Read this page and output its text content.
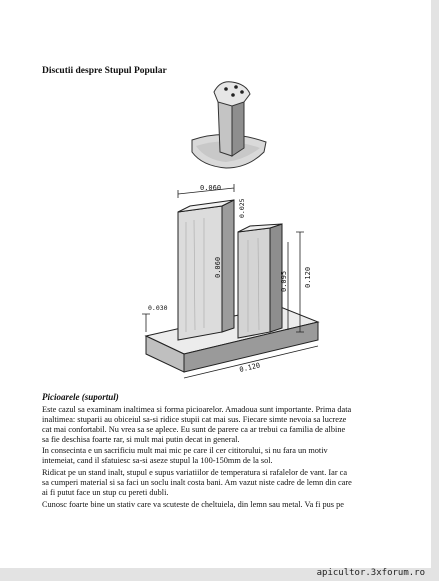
Discutii despre Stupul Popular
0.060
0.025
0.060
0.095 0.120
0.030
0.120
Picioarele (suportul)
Este cazul sa examinam inaltimea si forma picioarelor. Amadoua sunt importante. Prima data
inaltimea: stuparii au obiceiul sa-si ridice stupii cat mai sus. Fiecare simte nevoia sa lucreze
cat mai confortabil. Nu vrea sa se aplece. Eu sunt de parere ca ar trebui ca familia de albine
sa fie deschisa foarte rar, si mult mai putin decat in general.
In consecinta e un sacrificiu mult mai mic pe care il cer cititorului, si nu fara un motiv
intemeiat, cand il sfatuiesc sa-si aseze stupul la 100-150mm de la sol.
Ridicat pe un stand inalt, stupul e supus variatiilor de temperatura si rafalelor de vant. Iar ca
sa cumperi material si sa faci un soclu inalt costa bani. Am vazut niste cadre de lemn din care
ai fi putut face un stup cu pereti dubli.
Cunosc foarte bine un stativ care va scuteste de cheltuiela, din lemn sau metal. Va fi pus pe
apicultor.3xforum.ro
